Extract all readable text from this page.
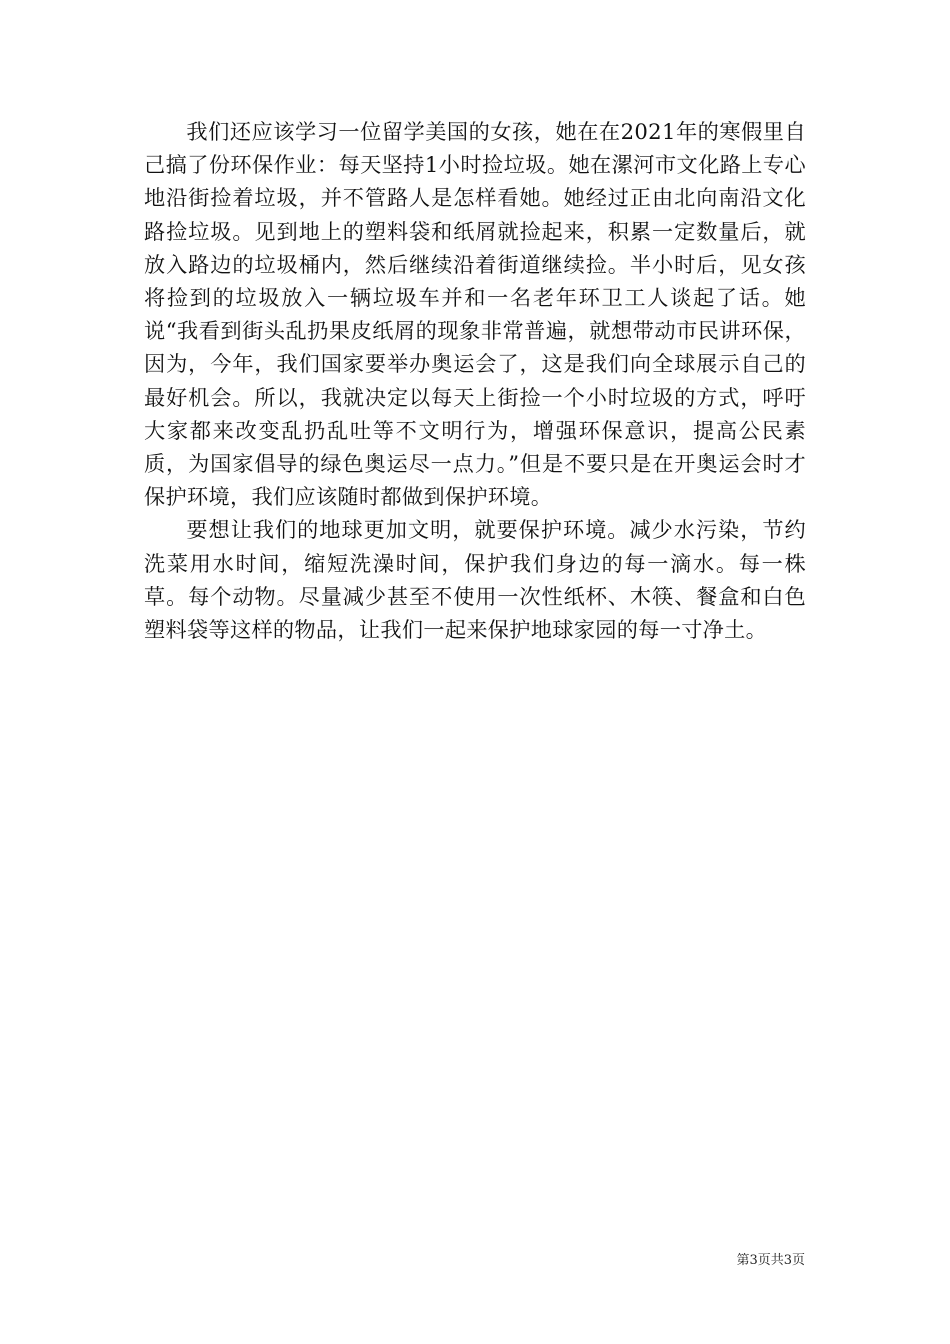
我们还应该学习一位留学美国的女孩，她在在2021年的寒假里自己搞了份环保作业：每天坚持1小时捡垃圾。她在漯河市文化路上专心地沿街捡着垃圾，并不管路人是怎样看她。她经过正由北向南沿文化路捡垃圾。见到地上的塑料袋和纸屑就捡起来，积累一定数量后，就放入路边的垃圾桶内，然后继续沿着街道继续捡。半小时后，见女孩将捡到的垃圾放入一辆垃圾车并和一名老年环卫工人谈起了话。她说“我看到街头乱扔果皮纸屑的现象非常普遍，就想带动市民讲环保，因为，今年，我们国家要举办奥运会了，这是我们向全球展示自己的最好机会。所以，我就决定以每天上街捡一个小时垃圾的方式，呼吁大家都来改变乱扔乱吐等不文明行为，增强环保意识，提高公民素质，为国家倡导的绿色奥运尽一点力。”但是不要只是在开奥运会时才保护环境，我们应该随时都做到保护环境。

要想让我们的地球更加文明，就要保护环境。减少水污染，节约洗菜用水时间，缩短洗澡时间，保护我们身边的每一滴水。每一株草。每个动物。尽量减少甚至不使用一次性纸杯、木筷、餐盒和白色塑料袋等这样的物品，让我们一起来保护地球家园的每一寸净土。

第3页共3页
